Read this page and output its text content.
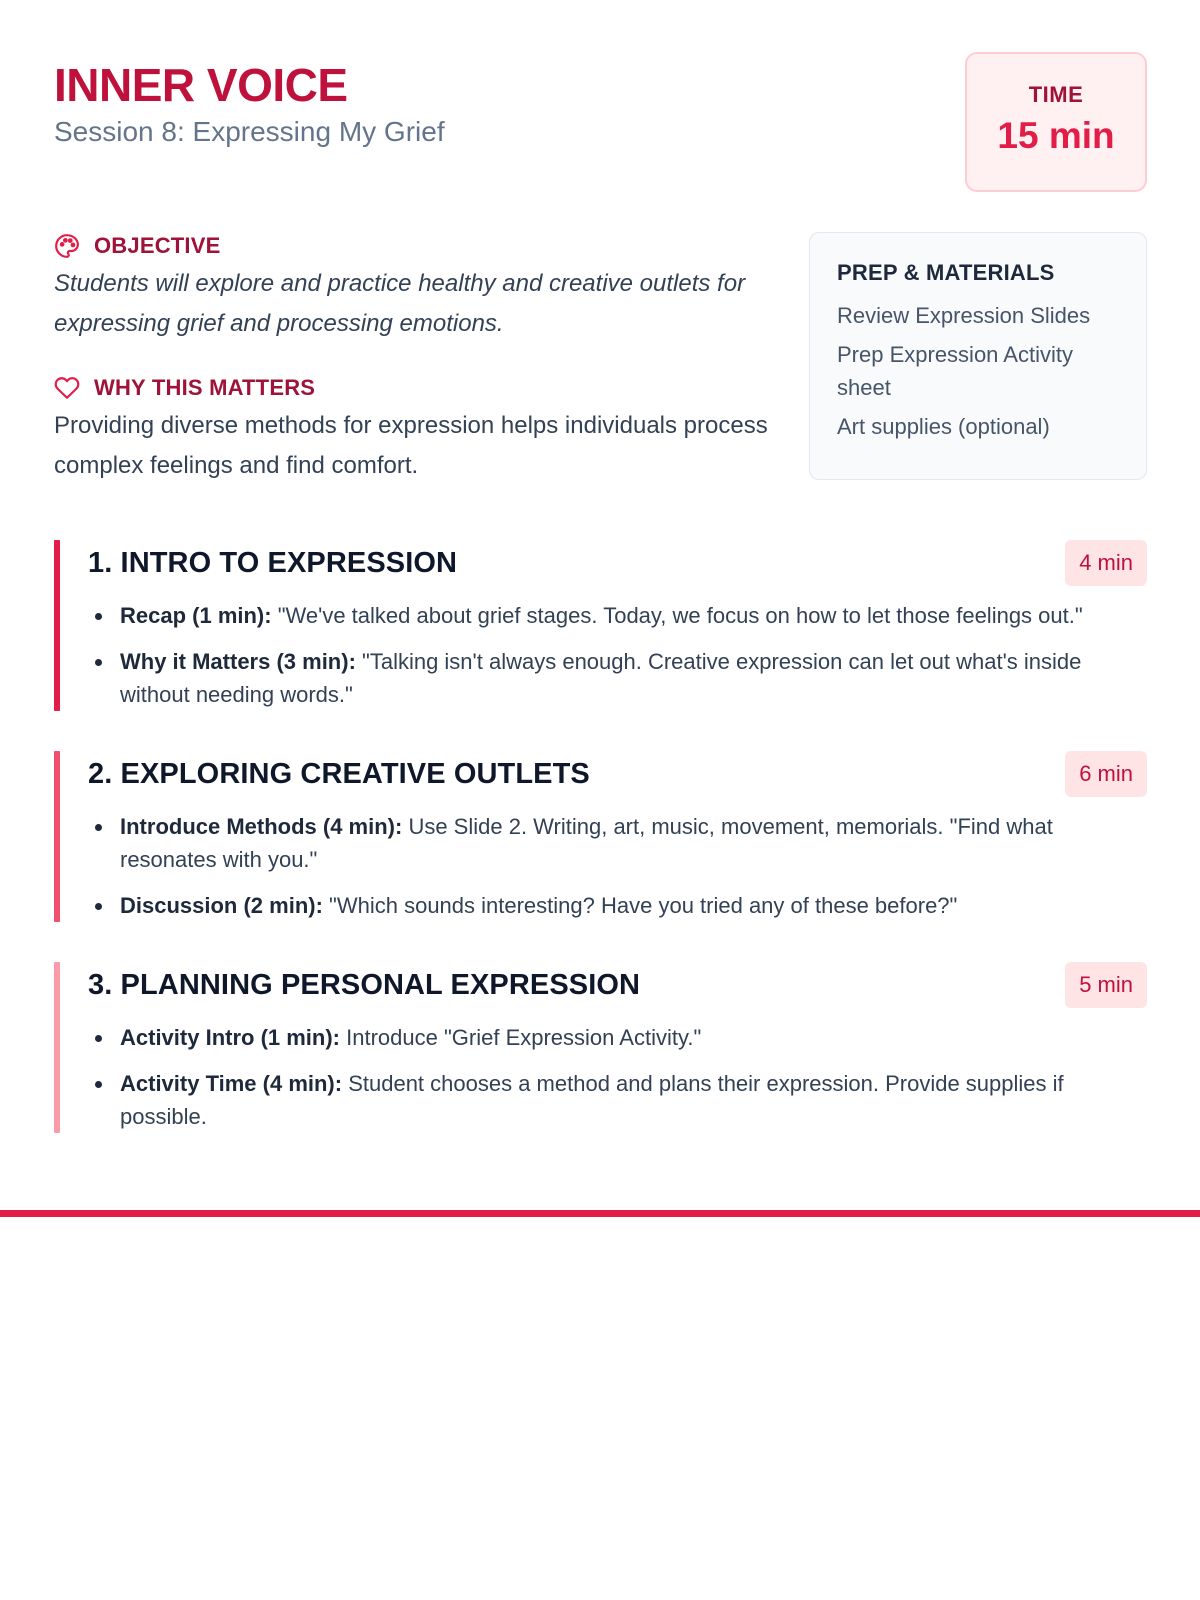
INNER VOICE
Session 8: Expressing My Grief
TIME
15 min
OBJECTIVE
Students will explore and practice healthy and creative outlets for expressing grief and processing emotions.
WHY THIS MATTERS
Providing diverse methods for expression helps individuals process complex feelings and find comfort.
PREP & MATERIALS
Review Expression Slides
Prep Expression Activity sheet
Art supplies (optional)
1. INTRO TO EXPRESSION	4 min
Recap (1 min): "We've talked about grief stages. Today, we focus on how to let those feelings out."
Why it Matters (3 min): "Talking isn't always enough. Creative expression can let out what's inside without needing words."
2. EXPLORING CREATIVE OUTLETS	6 min
Introduce Methods (4 min): Use Slide 2. Writing, art, music, movement, memorials. "Find what resonates with you."
Discussion (2 min): "Which sounds interesting? Have you tried any of these before?"
3. PLANNING PERSONAL EXPRESSION	5 min
Activity Intro (1 min): Introduce "Grief Expression Activity."
Activity Time (4 min): Student chooses a method and plans their expression. Provide supplies if possible.
